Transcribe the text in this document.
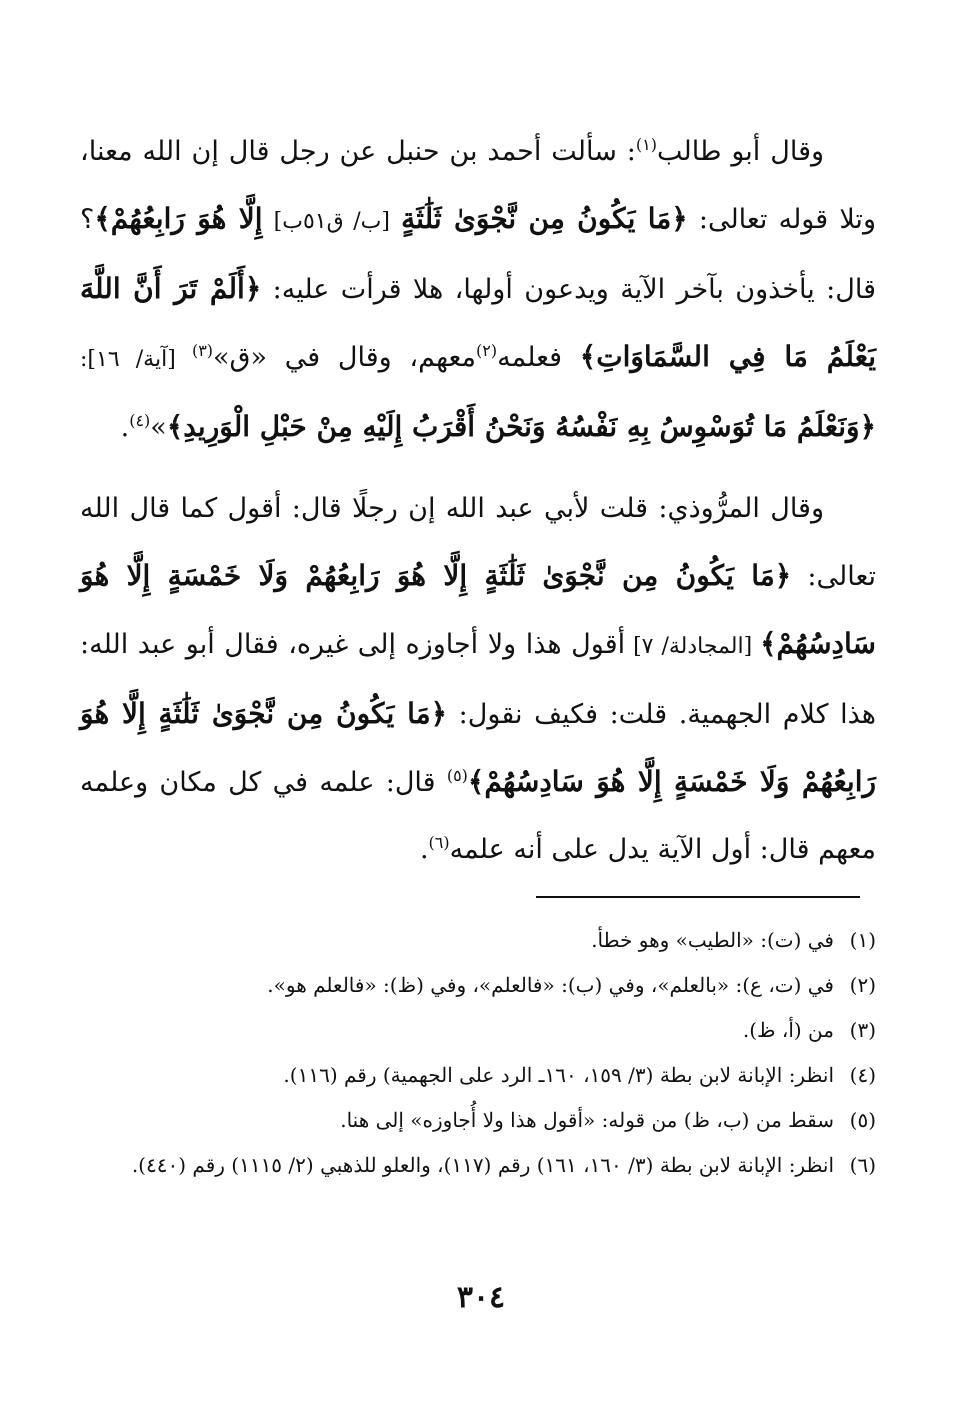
وقال أبو طالب$^{(١)}$: سألت أحمد بن حنبل عن رجل قال إن الله معنا، وتلا قوله تعالى: ﴿مَا يَكُونُ مِن نَّجْوَىٰ ثَلَٰثَةٍ [ب/ ق٥١ب] إِلَّا هُوَ رَابِعُهُمْ﴾؟ قال: يأخذون بآخر الآية ويدعون أولها، هلا قرأت عليه: ﴿أَلَمْ تَرَ أَنَّ اللَّهَ يَعْلَمُ مَا فِي السَّمَاوَاتِ﴾ فعلمه$^{(٢)}$معهم، وقال في «ق»$^{(٣)}$ [آية/ ١٦]: ﴿وَنَعْلَمُ مَا تُوَسْوِسُ بِهِ نَفْسُهُ وَنَحْنُ أَقْرَبُ إِلَيْهِ مِنْ حَبْلِ الْوَرِيدِ﴾»$^{(٤)}$.

وقال المرُّوذي: قلت لأبي عبد الله إن رجلًا قال: أقول كما قال الله تعالى: ﴿مَا يَكُونُ مِن نَّجْوَىٰ ثَلَٰثَةٍ إِلَّا هُوَ رَابِعُهُمْ وَلَا خَمْسَةٍ إِلَّا هُوَ سَادِسُهُمْ﴾ [المجادلة/ ٧] أقول هذا ولا أجاوزه إلى غيره، فقال أبو عبد الله: هذا كلام الجهمية. قلت: فكيف نقول: ﴿مَا يَكُونُ مِن نَّجْوَىٰ ثَلَٰثَةٍ إِلَّا هُوَ رَابِعُهُمْ وَلَا خَمْسَةٍ إِلَّا هُوَ سَادِسُهُمْ﴾$^{(٥)}$ قال: علمه في كل مكان وعلمه معهم قال: أول الآية يدل على أنه علمه$^{(٦)}$.

(١)
في (ت): «الطيب» وهو خطأ.
(٢)
في (ت، ع): «بالعلم»، وفي (ب): «فالعلم»، وفي (ظ): «فالعلم هو».
(٣)
من (أ، ظ).
(٤)
انظر: الإبانة لابن بطة (٣/ ١٥٩، ١٦٠ـ الرد على الجهمية) رقم (١١٦).
(٥)
سقط من (ب، ظ) من قوله: «أقول هذا ولا أُجاوزه» إلى هنا.
(٦)
انظر: الإبانة لابن بطة (٣/ ١٦٠، ١٦١) رقم (١١٧)، والعلو للذهبي (٢/ ١١١٥) رقم (٤٤٠).
٣٠٤
